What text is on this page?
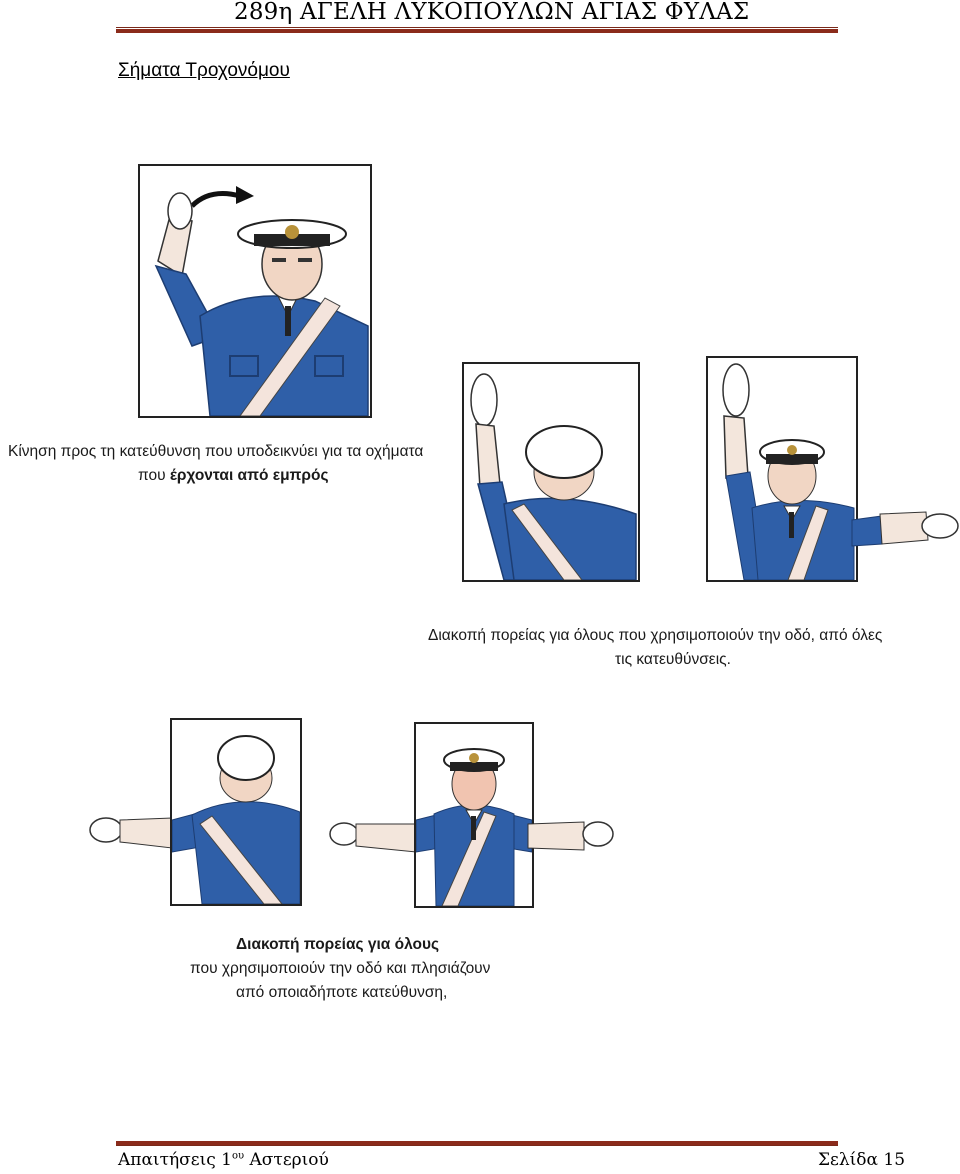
289η ΑΓΕΛΗ ΛΥΚΟΠΟΥΛΩΝ ΑΓΙΑΣ ΦΥΛΑΣ
Σήματα Τροχονόμου
Κίνηση προς τη κατεύθυνση που υποδεικνύει για τα οχήματα
που έρχονται από εμπρός
Διακοπή πορείας για όλους που χρησιμοποιούν την οδό, από όλες
τις κατευθύνσεις.
Διακοπή πορείας για όλους
που χρησιμοποιούν την οδό και πλησιάζουν
από οποιαδήποτε κατεύθυνση,
Απαιτήσεις $1^{o\upsilon}$ Αστεριού	Σελίδα 15
